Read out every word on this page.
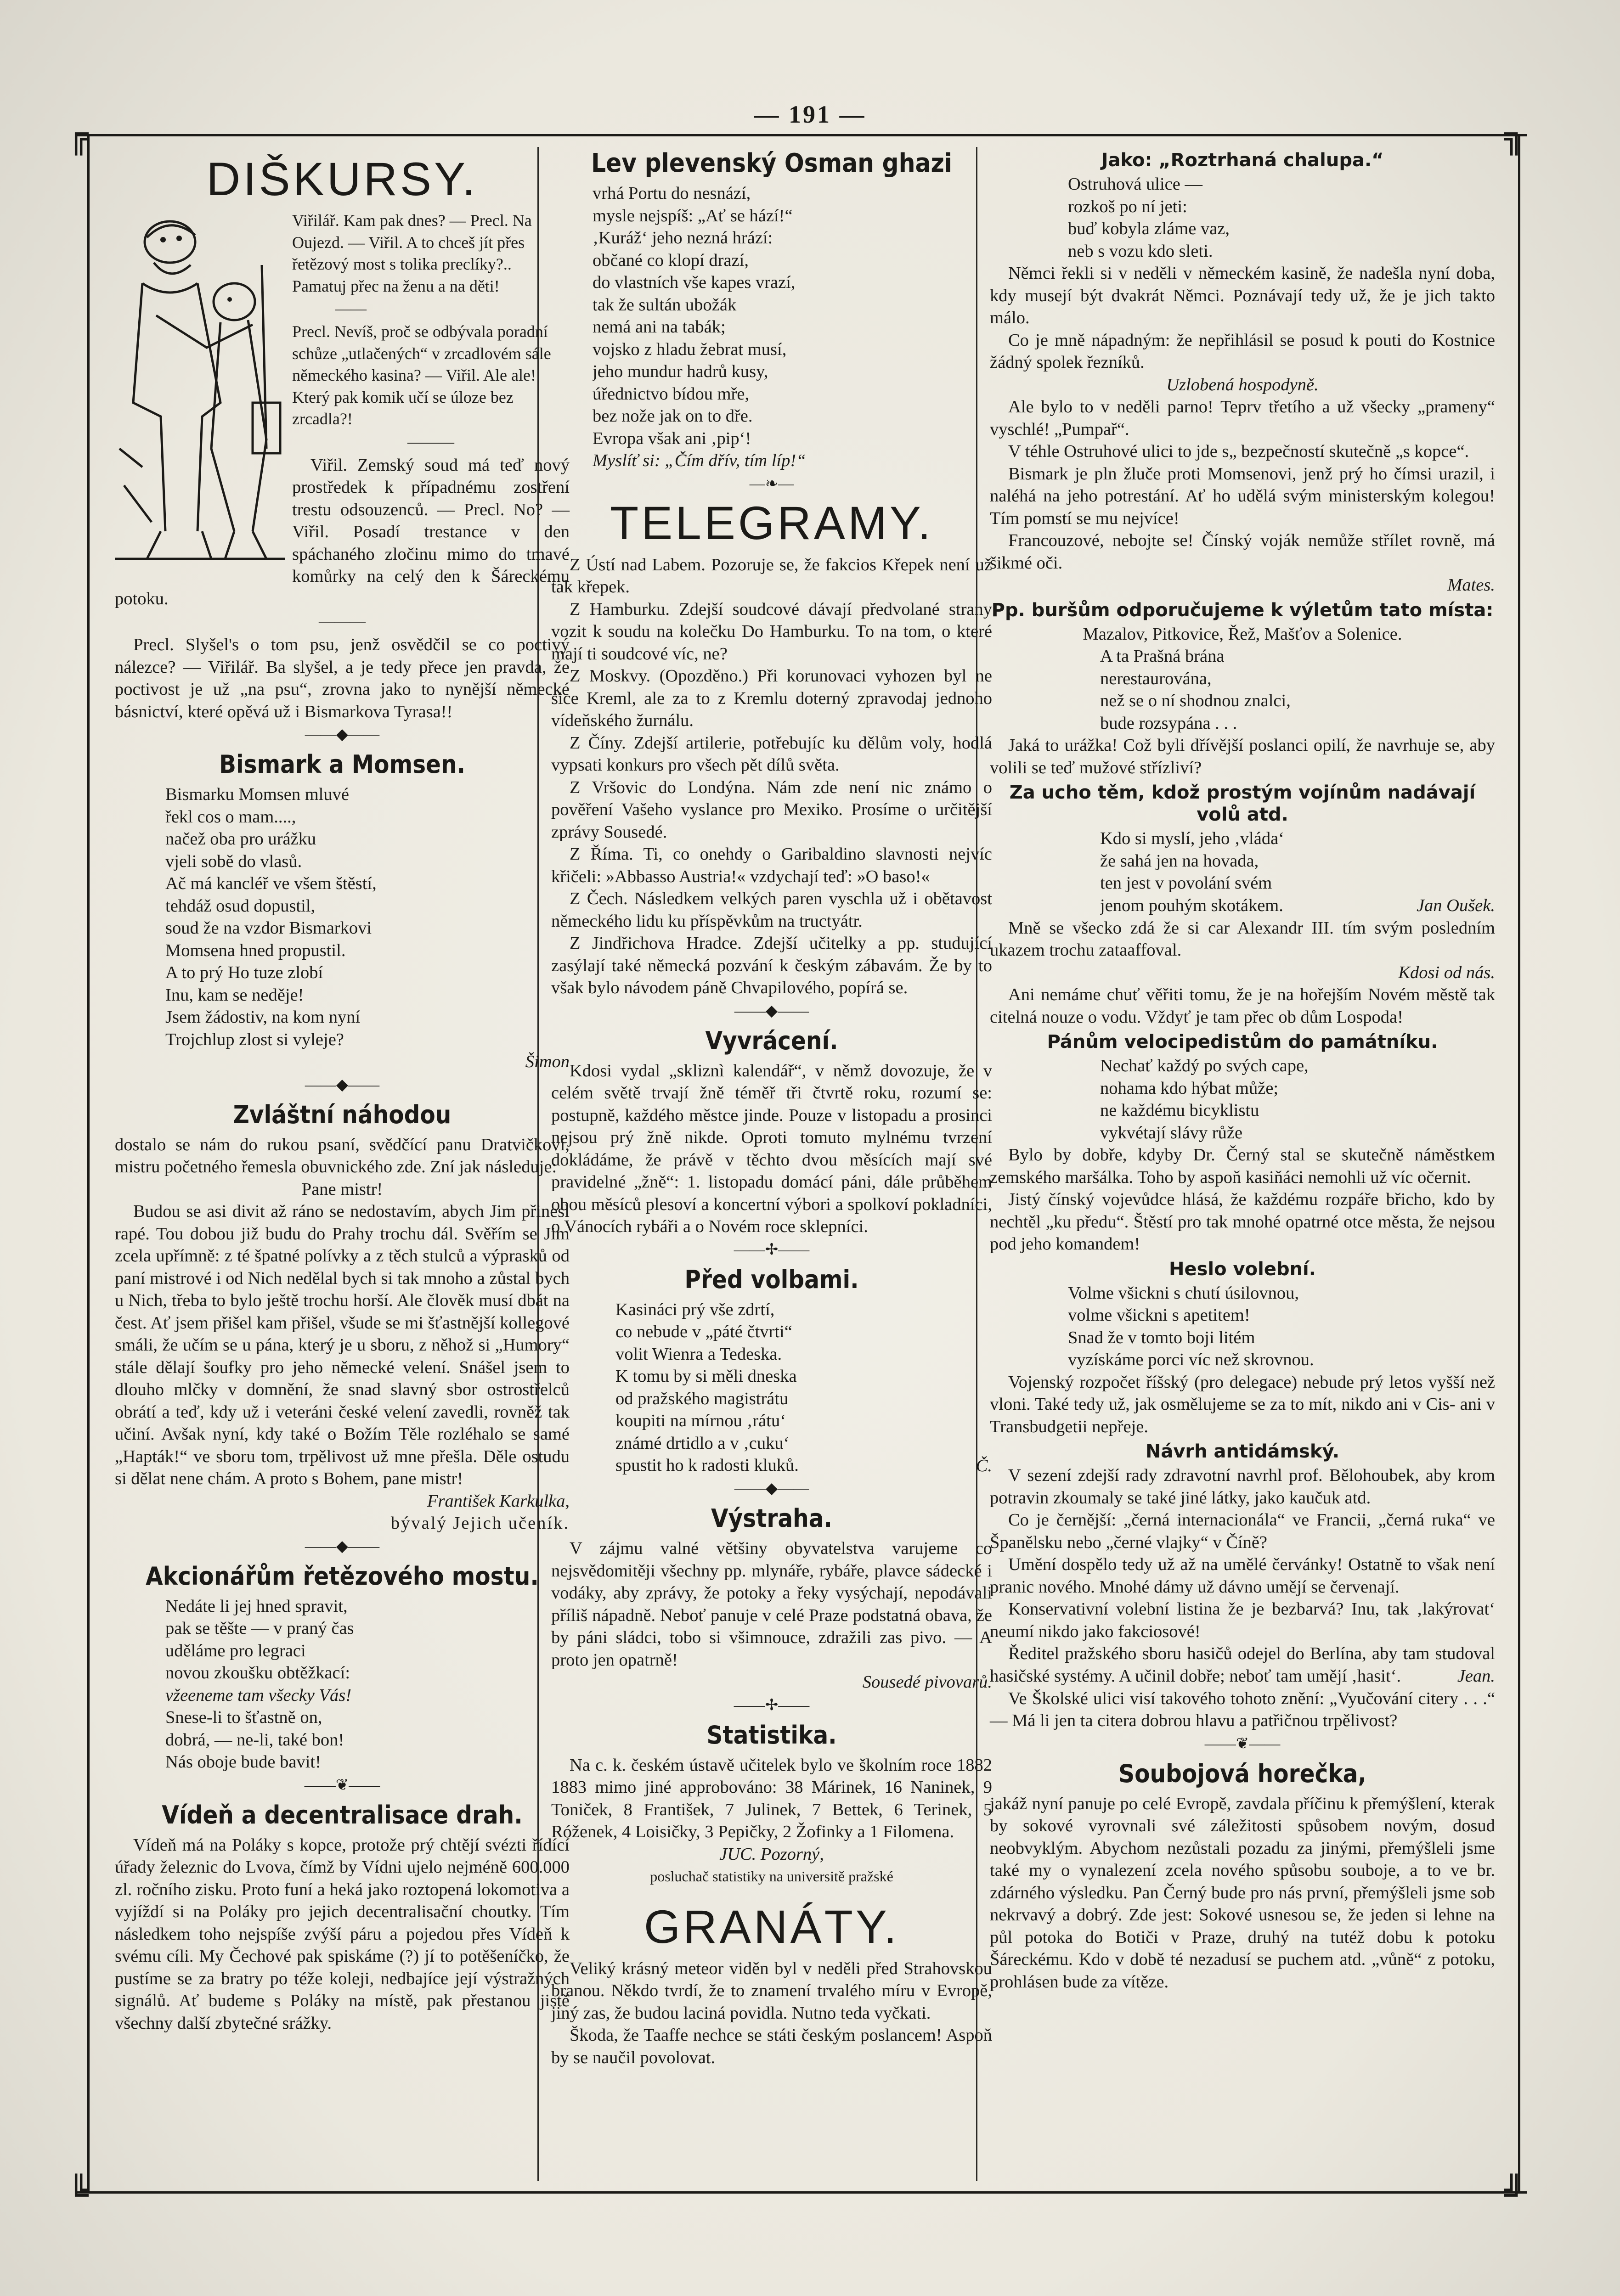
— 191 —
╔	╗
╚	╝
DIŠKURSY.

Viřilář. Kam pak dnes? — Precl. Na Oujezd. — Viřil. A to chceš jít přes řetězový most s tolika preclíky?.. Pamatuj přec na ženu a na děti!

——

Precl. Nevíš, proč se odbývala poradní schůze „utlačených“ v zrcadlovém sále německého kasina? — Viřil. Ale ale! Který pak komik učí se úloze bez zrcadla?!

———

Viřil. Zemský soud má teď nový prostředek k případnému zostření trestu odsouzenců. — Precl. No? — Viřil. Posadí trestance v den spáchaného zločinu mimo do tmavé komůrky na celý den k Šáreckému potoku.

———

Precl. Slyšel's o tom psu, jenž osvědčil se co poctivý nálezce? — Viřilář. Ba slyšel, a je tedy přece jen pravda, že poctivost je už „na psu“, zrovna jako to nynější německé básnictví, které opěvá už i Bismarkova Tyrasa!!

——◆——
Bismark a Momsen.
Bismarku Momsen mluvé
řekl cos o mam....,
načež oba pro urážku
vjeli sobě do vlasů.
Ač má kancléř ve všem štěstí,
tehdáž osud dopustil,
soud že na vzdor Bismarkovi
Momsena hned propustil.
A to prý Ho tuze zlobí
Inu, kam se neděje!
Jsem žádostiv, na kom nyní
Trojchlup zlost si vyleje?
Šimon
——◆——
Zvláštní náhodou

dostalo se nám do rukou psaní, svědčící panu Dratvičkovi, mistru početného řemesla obuvnického zde. Zní jak následuje:

Pane mistr!

Budou se asi divit až ráno se nedostavím, abych Jim přinesl rapé. Tou dobou již budu do Prahy trochu dál. Svěřím se Jim zcela upřímně: z té špatné polívky a z těch stulců a výprasků od paní mistrové i od Nich nedělal bych si tak mnoho a zůstal bych u Nich, třeba to bylo ještě trochu horší. Ale člověk musí dbát na čest. Ať jsem přišel kam přišel, všude se mi šťastnější kollegové smáli, že učím se u pána, který je u sboru, z něhož si „Humory“ stále dělají šoufky pro jeho německé velení. Snášel jsem to dlouho mlčky v domnění, že snad slavný sbor ostrostřelců obrátí a teď, kdy už i veteráni české velení zavedli, rovněž tak učiní. Avšak nyní, kdy také o Božím Těle rozléhalo se samé „Hapták!“ ve sboru tom, trpělivost už mne přešla. Děle ostudu si dělat nene chám. A proto s Bohem, pane mistr!

František Karkulka,
bývalý Jejich učeník.
——◆——
Akcionářům řetězového mostu.
Nedáte li jej hned spravit,
pak se těšte — v praný čas
uděláme pro legraci
novou zkoušku obtěžkací:
vžeeneme tam všecky Vás!
Snese-li to šťastně on,
dobrá, — ne-li, také bon!
Nás oboje bude bavit!
——❦——
Vídeň a decentralisace drah.

Vídeň má na Poláky s kopce, protože prý chtějí svézti řídící úřady železnic do Lvova, čímž by Vídni ujelo nejméně 600.000 zl. ročního zisku. Proto funí a heká jako roztopená lokomotiva a vyjíždí si na Poláky pro jejich decentralisační choutky. Tím následkem toho nejspíše zvýší páru a pojedou přes Vídeň k svému cíli. My Čechové pak spiskáme (?) jí to potěšeníčko, že pustíme se za bratry po téže koleji, nedbajíce její výstražných signálů. Ať budeme s Poláky na místě, pak přestanou jistě všechny další zbytečné srážky.

Lev plevenský Osman ghazi
vrhá Portu do nesnází,
mysle nejspíš: „Ať se hází!“
‚Kuráž‘ jeho nezná hrází:
občané co klopí drazí,
do vlastních vše kapes vrazí,
tak že sultán ubožák
nemá ani na tabák;
vojsko z hladu žebrat musí,
jeho mundur hadrů kusy,
úřednictvo bídou mře,
bez nože jak on to dře.
Evropa však ani ‚pip‘!
Myslíť si: „Čím dřív, tím líp!“
—❧—
TELEGRAMY.

Z Ústí nad Labem. Pozoruje se, že fakcios Křepek není už tak křepek.

Z Hamburku. Zdejší soudcové dávají předvolané strany vozit k soudu na kolečku Do Hamburku. To na tom, o které mají ti soudcové víc, ne?

Z Moskvy. (Opozděno.) Při korunovaci vyhozen byl ne sice Kreml, ale za to z Kremlu doterný zpravodaj jednoho vídeňského žurnálu.

Z Číny. Zdejší artilerie, potřebujíc ku dělům voly, hodlá vypsati konkurs pro všech pět dílů světa.

Z Vršovic do Londýna. Nám zde není nic známo o pověření Vašeho vyslance pro Mexiko. Prosíme o určitější zprávy Sousedé.

Z Říma. Ti, co onehdy o Garibaldino slavnosti nejvíc křičeli: »Abbasso Austria!« vzdychají teď: »O baso!«

Z Čech. Následkem velkých paren vyschla už i obětavost německého lidu ku příspěvkům na tructyátr.

Z Jindřichova Hradce. Zdejší učitelky a pp. studující zasýlají také německá pozvání k českým zábavám. Že by to však bylo návodem páně Chvapilového, popírá se.

——◆——
Vyvrácení.

Kdosi vydal „skliznì kalendář“, v němž dovozuje, že v celém světě trvají žně téměř tři čtvrtě roku, rozumí se: postupně, každého městce jinde. Pouze v listopadu a prosinci nejsou prý žně nikde. Oproti tomuto mylnému tvrzení dokládáme, že právě v těchto dvou měsících mají své pravidelné „žně“: 1. listopadu domácí páni, dále průběhem obou měsíců plesoví a koncertní výbori a spolkoví pokladníci, o Vánocích rybáři a o Novém roce sklepníci.

——✢——
Před volbami.
Kasináci prý vše zdrtí,
co nebude v „páté čtvrti“
volit Wienra a Tedeska.
K tomu by si měli dneska
od pražského magistrátu
koupiti na mírnou ‚rátu‘
známé drtidlo a v ‚cuku‘
spustit ho k radosti kluků.	Č.
——◆——
Výstraha.

V zájmu valné většiny obyvatelstva varujeme co nejsvědomitěji všechny pp. mlynáře, rybáře, plavce sádecké i vodáky, aby zprávy, že potoky a řeky vysýchají, nepodávali příliš nápadně. Neboť panuje v celé Praze podstatná obava, že by páni sládci, tobo si všimnouce, zdražili zas pivo. — A proto jen opatrně!

Sousedé pivovarů.
——✢——
Statistika.

Na c. k. českém ústavě učitelek bylo ve školním roce 1882 1883 mimo jiné approbováno: 38 Márinek, 16 Naninek, 9 Toniček, 8 František, 7 Julinek, 7 Bettek, 6 Terinek, 5 Róženek, 4 Loisičky, 3 Pepičky, 2 Žofinky a 1 Filomena.

JUC. Pozorný,
posluchač statistiky na universitě pražské
GRANÁTY.

Veliký krásný meteor viděn byl v neděli před Strahovskou branou. Někdo tvrdí, že to znamení trvalého míru v Evropě, jiný zas, že budou laciná povidla. Nutno teda vyčkati.

Škoda, že Taaffe nechce se státi českým poslancem! Aspoň by se naučil povolovat.

Jako: „Roztrhaná chalupa.“
Ostruhová ulice —
rozkoš po ní jeti:
buď kobyla zláme vaz,
neb s vozu kdo sleti.

Němci řekli si v neděli v německém kasině, že nadešla nyní doba, kdy musejí být dvakrát Němci. Poznávají tedy už, že je jich takto málo.

Co je mně nápadným: že nepřihlásil se posud k pouti do Kostnice žádný spolek řezníků.

Uzlobená hospodyně.

Ale bylo to v neděli parno! Teprv třetího a už všecky „prameny“ vyschlé! „Pumpař“.

V téhle Ostruhové ulici to jde s„ bezpečností skutečně „s kopce“.

Bismark je pln žluče proti Momsenovi, jenž prý ho čímsi urazil, i naléhá na jeho potrestání. Ať ho udělá svým ministerským kolegou! Tím pomstí se mu nejvíce!

Francouzové, nebojte se! Čínský voják nemůže střílet rovně, má šikmé oči.

Mates.
Pp. buršům odporučujeme k výletům tato místa:
Mazalov, Pitkovice, Řež, Mašťov a Solenice.
A ta Prašná brána
nerestaurována,
než se o ní shodnou znalci,
bude rozsypána . . .

Jaká to urážka! Což byli dřívější poslanci opilí, že navrhuje se, aby volili se teď mužové střízliví?

Za ucho těm, kdož prostým vojínům nadávají volů atd.
Kdo si myslí, jeho ‚vláda‘
že sahá jen na hovada,
ten jest v povolání svém
jenom pouhým skotákem.	Jan Oušek.

Mně se všecko zdá že si car Alexandr III. tím svým posledním ukazem trochu zataaffoval.

Kdosi od nás.

Ani nemáme chuť věřiti tomu, že je na hořejším Novém městě tak citelná nouze o vodu. Vždyť je tam přec ob dům Lospoda!

Pánům velocipedistům do památníku.
Nechať každý po svých cape,
nohama kdo hýbat může;
ne každému bicyklistu
vykvétají slávy růže

Bylo by dobře, kdyby Dr. Černý stal se skutečně náměstkem zemského maršálka. Toho by aspoň kasiňáci nemohli už víc očernit.

Jistý čínský vojevůdce hlásá, že každému rozpáře břicho, kdo by nechtěl „ku předu“. Štěstí pro tak mnohé opatrné otce města, že nejsou pod jeho komandem!

Heslo volební.
Volme všickni s chutí úsilovnou,
volme všickni s apetitem!
Snad že v tomto boji litém
vyzískáme porci víc než skrovnou.

Vojenský rozpočet říšský (pro delegace) nebude prý letos vyšší než vloni. Také tedy už, jak osmělujeme se za to mít, nikdo ani v Cis- ani v Transbudgetii nepřeje.

Návrh antidámský.

V sezení zdejší rady zdravotní navrhl prof. Bělohoubek, aby krom potravin zkoumaly se také jiné látky, jako kaučuk atd.

Co je černější: „černá internacionála“ ve Francii, „černá ruka“ ve Španělsku nebo „černé vlajky“ v Číně?

Umění dospělo tedy už až na umělé červánky! Ostatně to však není pranic nového. Mnohé dámy už dávno umějí se červenají.

Konservativní volební listina že je bezbarvá? Inu, tak ‚lakýrovat‘ neumí nikdo jako fakciosové!

Ředitel pražského sboru hasičů odejel do Berlína, aby tam studoval hasičské systémy. A učinil dobře; neboť tam umějí ‚hasit‘.	Jean.

Ve Školské ulici visí takového tohoto znění: „Vyučování citery . . .“ — Má li jen ta citera dobrou hlavu a patřičnou trpělivost?

——❦——
Soubojová horečka,

jakáž nyní panuje po celé Evropě, zavdala příčinu k přemýšlení, kterak by sokové vyrovnali své záležitosti spůsobem novým, dosud neobvyklým. Abychom nezůstali pozadu za jinými, přemýšleli jsme také my o vynalezení zcela nového spůsobu souboje, a to ve br. zdárného výsledku. Pan Černý bude pro nás první, přemýšleli jsme sob nekrvavý a dobrý. Zde jest: Sokové usnesou se, že jeden si lehne na půl potoka do Botiči v Praze, druhý na tutéž dobu k potoku Šáreckému. Kdo v době té nezadusí se puchem atd. „vůně“ z potoku, prohlásen bude za vítěze.
